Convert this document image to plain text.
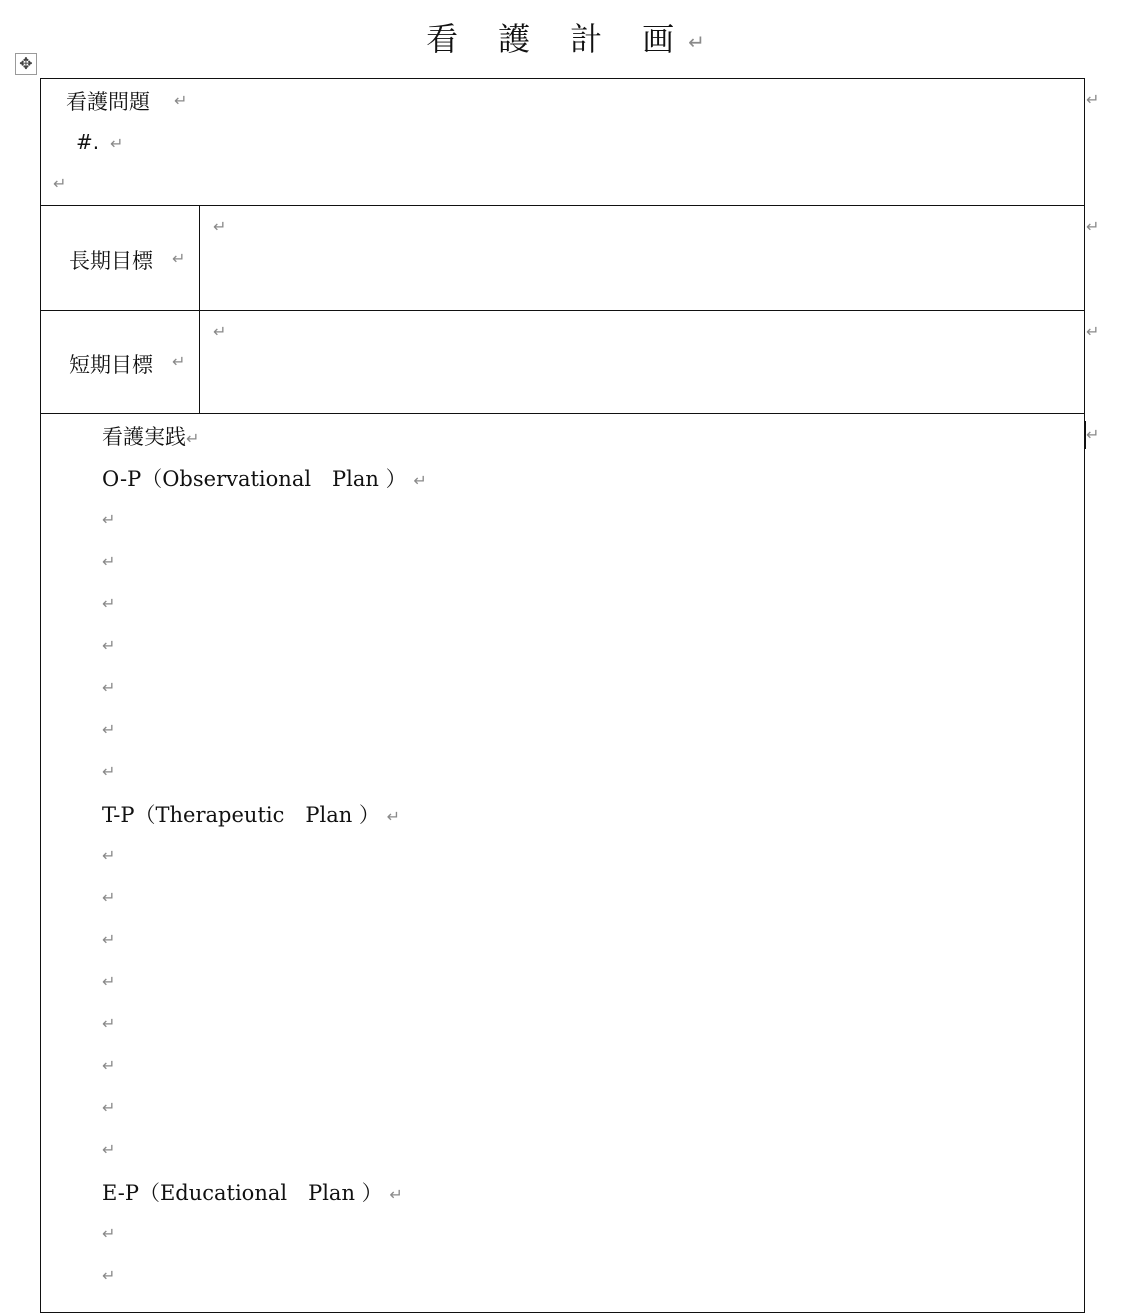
看 護 計 画 ↵
✥
看護問題 ↵
#. ↵
↵
↵
長期目標 ↵
↵	↵
短期目標 ↵
↵	↵
↵
看護実践↵
O-P（Observational　Plan ） ↵
↵
↵
↵
↵
↵
↵
↵
T-P（Therapeutic　Plan ） ↵
↵
↵
↵
↵
↵
↵
↵
↵
E-P（Educational　Plan ） ↵
↵
↵
